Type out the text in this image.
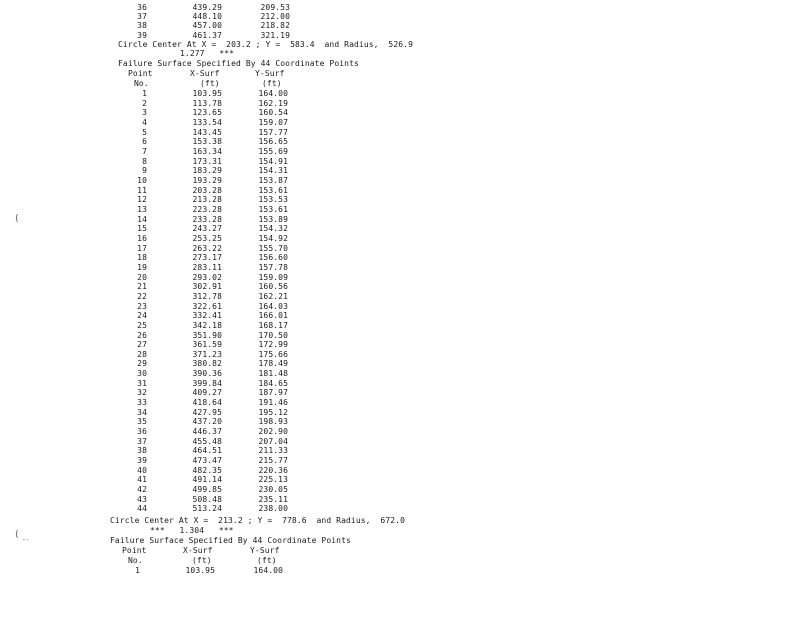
36	439.29	209.53
37	448.10	212.00
38	457.00	218.82
39	461.37	321.19
Circle Center At X =  203.2 ; Y =  583.4  and Radius,  526.9
1.277   ***
Failure Surface Specified By 44 Coordinate Points
Point	X-Surf	Y-Surf
No.	(ft)	(ft)
1	103.95	164.00
2	113.78	162.19
3	123.65	160.54
4	133.54	159.07
5	143.45	157.77
6	153.38	156.65
7	163.34	155.69
8	173.31	154.91
9	183.29	154.31
10	193.29	153.87
11	203.28	153.61
12	213.28	153.53
13	223.28	153.61
14	233.28	153.89
15	243.27	154.32
16	253.25	154.92
17	263.22	155.70
18	273.17	156.60
19	283.11	157.78
20	293.02	159.09
21	302.91	160.56
22	312.78	162.21
23	322.61	164.03
24	332.41	166.01
25	342.18	168.17
26	351.90	170.50
27	361.59	172.99
28	371.23	175.66
29	380.82	178.49
30	390.36	181.48
31	399.84	184.65
32	409.27	187.97
33	418.64	191.46
34	427.95	195.12
35	437.20	198.93
36	446.37	202.90
37	455.48	207.04
38	464.51	211.33
39	473.47	215.77
40	482.35	220.36
41	491.14	225.13
42	499.85	230.05
43	508.48	235.11
44	513.24	238.00
Circle Center At X =  213.2 ; Y =  778.6  and Radius,  672.0
***   1.304   ***
Failure Surface Specified By 44 Coordinate Points
Point	X-Surf	Y-Surf
No.	(ft)	(ft)
1	103.95	164.00
(
( --
